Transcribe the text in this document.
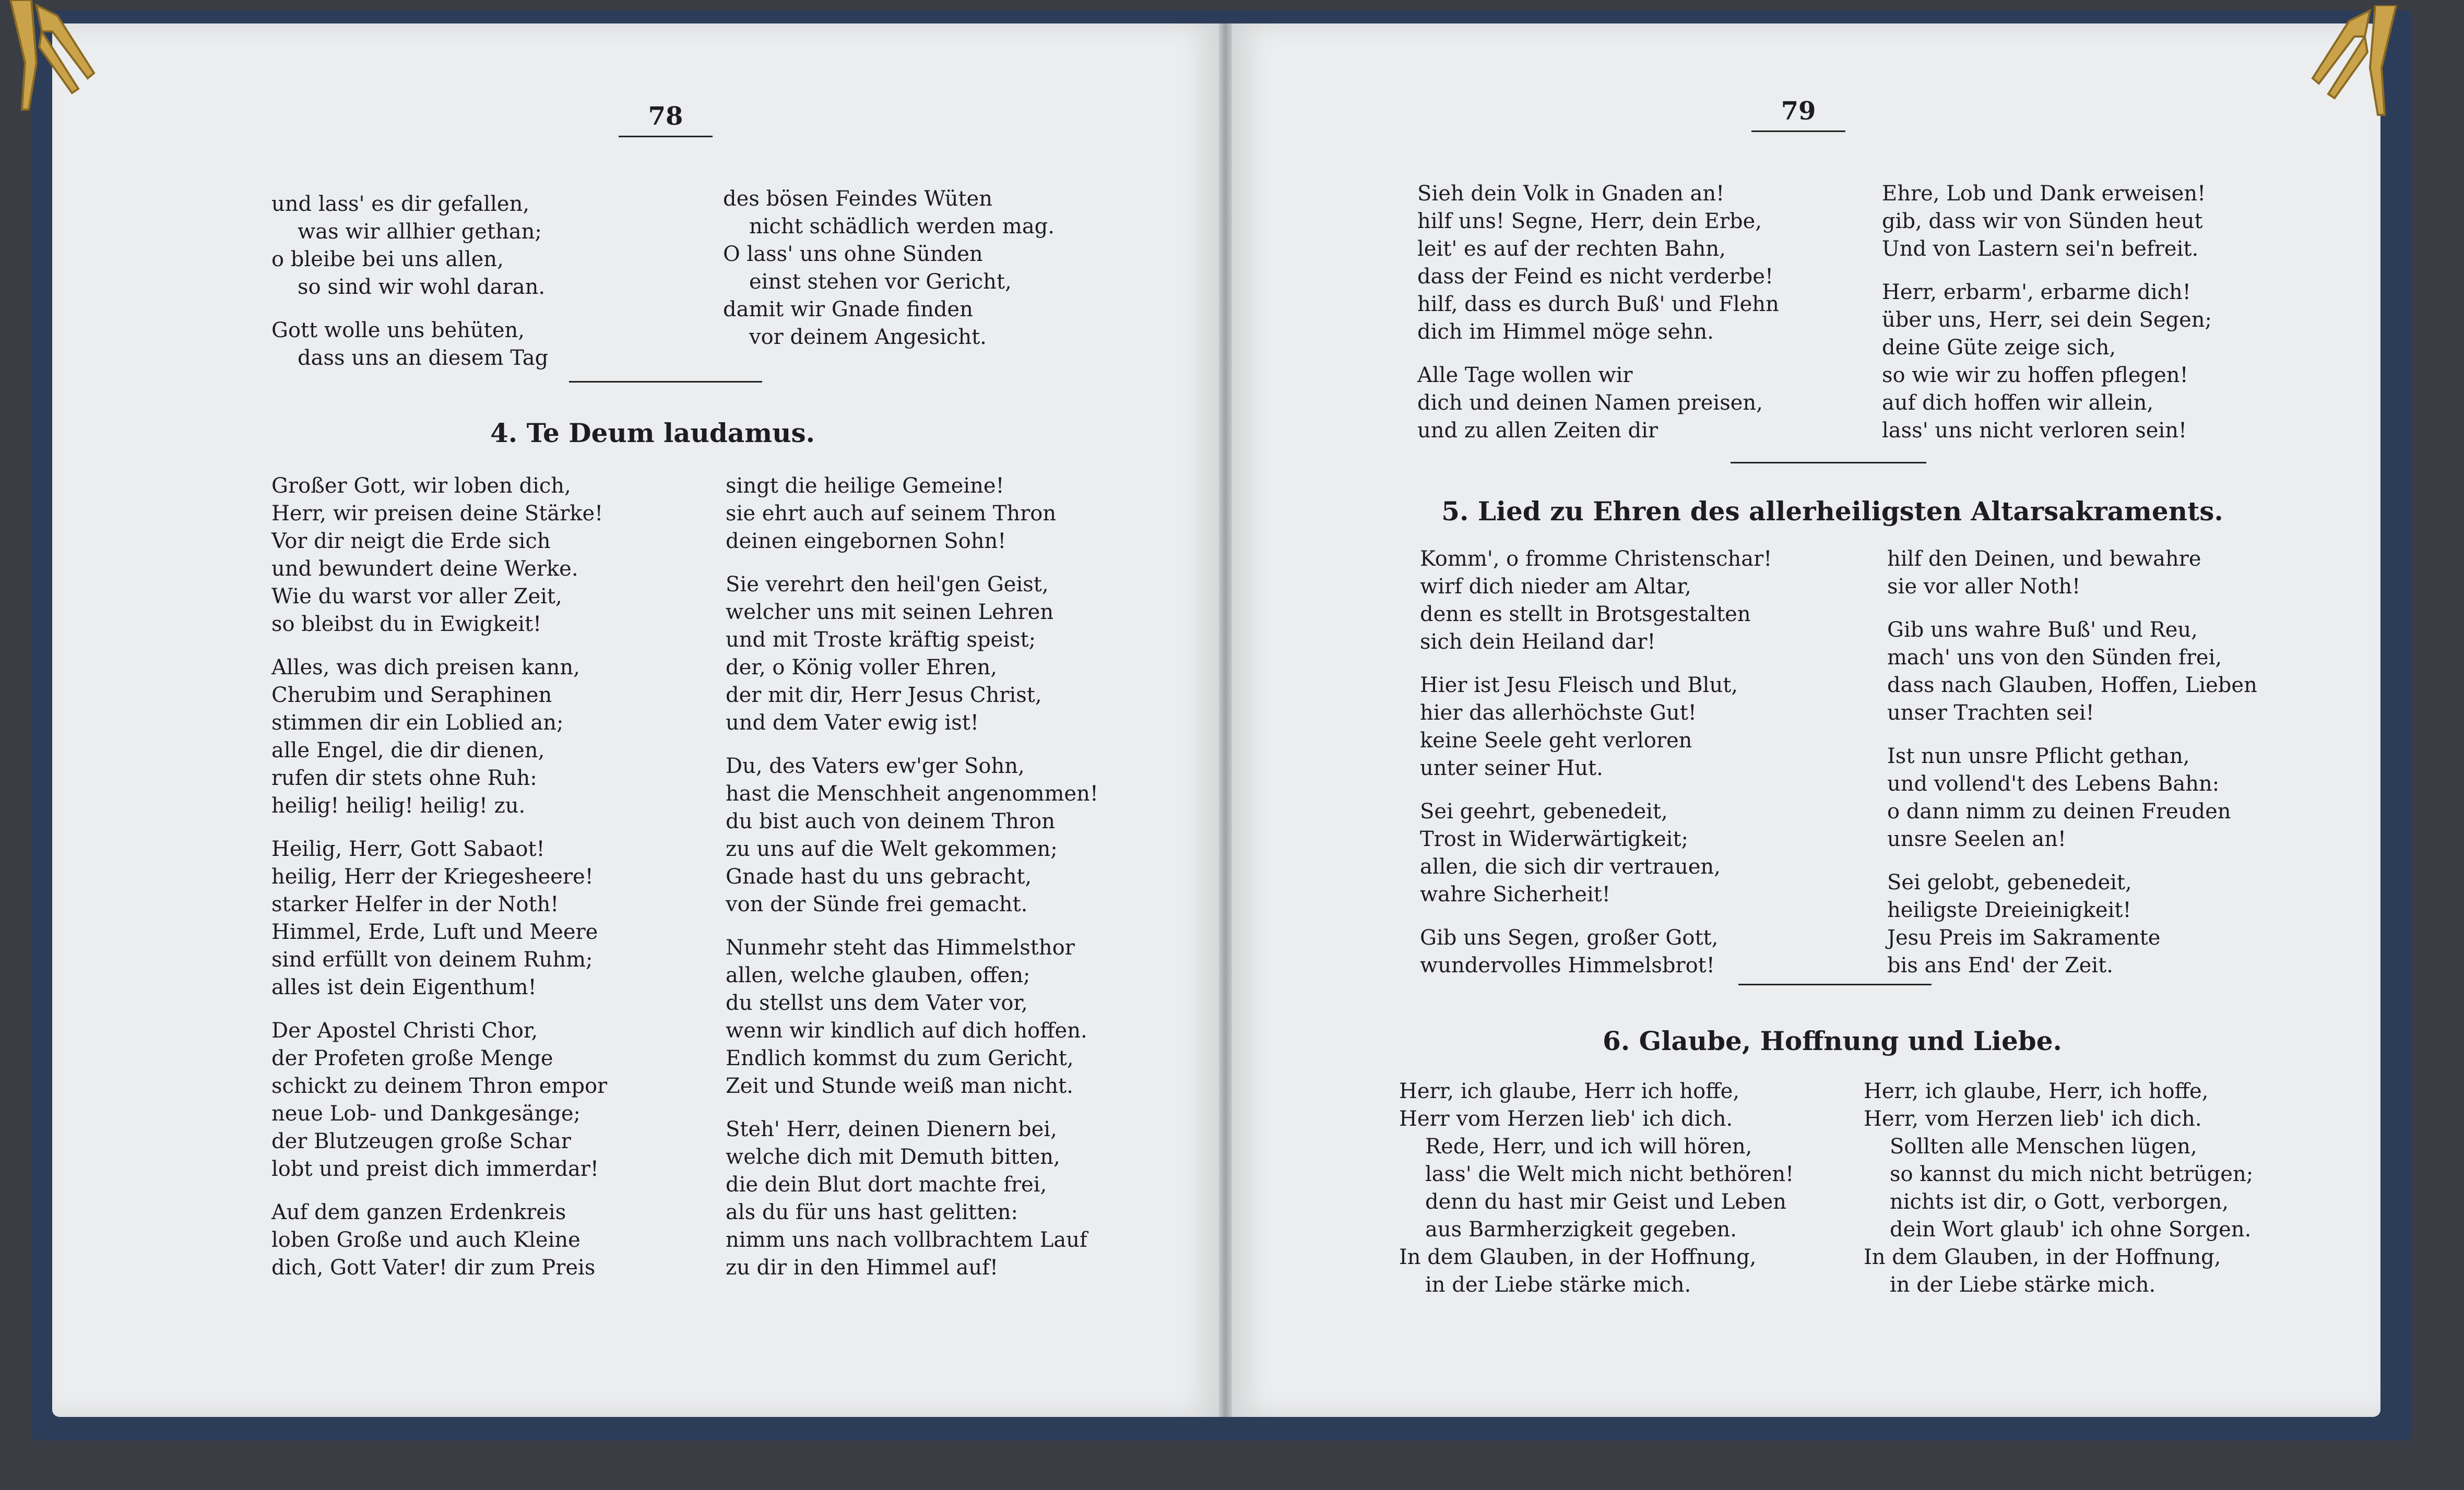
78
und lass' es dir gefallen,
was wir allhier gethan;
o bleibe bei uns allen,
so sind wir wohl daran.
Gott wolle uns behüten,
dass uns an diesem Tag
des bösen Feindes Wüten
nicht schädlich werden mag.
O lass' uns ohne Sünden
einst stehen vor Gericht,
damit wir Gnade finden
vor deinem Angesicht.
4. Te Deum laudamus.
Großer Gott, wir loben dich,
Herr, wir preisen deine Stärke!
Vor dir neigt die Erde sich
und bewundert deine Werke.
Wie du warst vor aller Zeit,
so bleibst du in Ewigkeit!
Alles, was dich preisen kann,
Cherubim und Seraphinen
stimmen dir ein Loblied an;
alle Engel, die dir dienen,
rufen dir stets ohne Ruh:
heilig! heilig! heilig! zu.
Heilig, Herr, Gott Sabaot!
heilig, Herr der Kriegesheere!
starker Helfer in der Noth!
Himmel, Erde, Luft und Meere
sind erfüllt von deinem Ruhm;
alles ist dein Eigenthum!
Der Apostel Christi Chor,
der Profeten große Menge
schickt zu deinem Thron empor
neue Lob- und Dankgesänge;
der Blutzeugen große Schar
lobt und preist dich immerdar!
Auf dem ganzen Erdenkreis
loben Große und auch Kleine
dich, Gott Vater! dir zum Preis
singt die heilige Gemeine!
sie ehrt auch auf seinem Thron
deinen eingebornen Sohn!
Sie verehrt den heil'gen Geist,
welcher uns mit seinen Lehren
und mit Troste kräftig speist;
der, o König voller Ehren,
der mit dir, Herr Jesus Christ,
und dem Vater ewig ist!
Du, des Vaters ew'ger Sohn,
hast die Menschheit angenommen!
du bist auch von deinem Thron
zu uns auf die Welt gekommen;
Gnade hast du uns gebracht,
von der Sünde frei gemacht.
Nunmehr steht das Himmelsthor
allen, welche glauben, offen;
du stellst uns dem Vater vor,
wenn wir kindlich auf dich hoffen.
Endlich kommst du zum Gericht,
Zeit und Stunde weiß man nicht.
Steh' Herr, deinen Dienern bei,
welche dich mit Demuth bitten,
die dein Blut dort machte frei,
als du für uns hast gelitten:
nimm uns nach vollbrachtem Lauf
zu dir in den Himmel auf!
79
Sieh dein Volk in Gnaden an!
hilf uns! Segne, Herr, dein Erbe,
leit' es auf der rechten Bahn,
dass der Feind es nicht verderbe!
hilf, dass es durch Buß' und Flehn
dich im Himmel möge sehn.
Alle Tage wollen wir
dich und deinen Namen preisen,
und zu allen Zeiten dir
Ehre, Lob und Dank erweisen!
gib, dass wir von Sünden heut
Und von Lastern sei'n befreit.
Herr, erbarm', erbarme dich!
über uns, Herr, sei dein Segen;
deine Güte zeige sich,
so wie wir zu hoffen pflegen!
auf dich hoffen wir allein,
lass' uns nicht verloren sein!
5. Lied zu Ehren des allerheiligsten Altarsakraments.
Komm', o fromme Christenschar!
wirf dich nieder am Altar,
denn es stellt in Brotsgestalten
sich dein Heiland dar!
Hier ist Jesu Fleisch und Blut,
hier das allerhöchste Gut!
keine Seele geht verloren
unter seiner Hut.
Sei geehrt, gebenedeit,
Trost in Widerwärtigkeit;
allen, die sich dir vertrauen,
wahre Sicherheit!
Gib uns Segen, großer Gott,
wundervolles Himmelsbrot!
hilf den Deinen, und bewahre
sie vor aller Noth!
Gib uns wahre Buß' und Reu,
mach' uns von den Sünden frei,
dass nach Glauben, Hoffen, Lieben
unser Trachten sei!
Ist nun unsre Pflicht gethan,
und vollend't des Lebens Bahn:
o dann nimm zu deinen Freuden
unsre Seelen an!
Sei gelobt, gebenedeit,
heiligste Dreieinigkeit!
Jesu Preis im Sakramente
bis ans End' der Zeit.
6. Glaube, Hoffnung und Liebe.
Herr, ich glaube, Herr ich hoffe,
Herr vom Herzen lieb' ich dich.
Rede, Herr, und ich will hören,
lass' die Welt mich nicht bethören!
denn du hast mir Geist und Leben
aus Barmherzigkeit gegeben.
In dem Glauben, in der Hoffnung,
in der Liebe stärke mich.
Herr, ich glaube, Herr, ich hoffe,
Herr, vom Herzen lieb' ich dich.
Sollten alle Menschen lügen,
so kannst du mich nicht betrügen;
nichts ist dir, o Gott, verborgen,
dein Wort glaub' ich ohne Sorgen.
In dem Glauben, in der Hoffnung,
in der Liebe stärke mich.
